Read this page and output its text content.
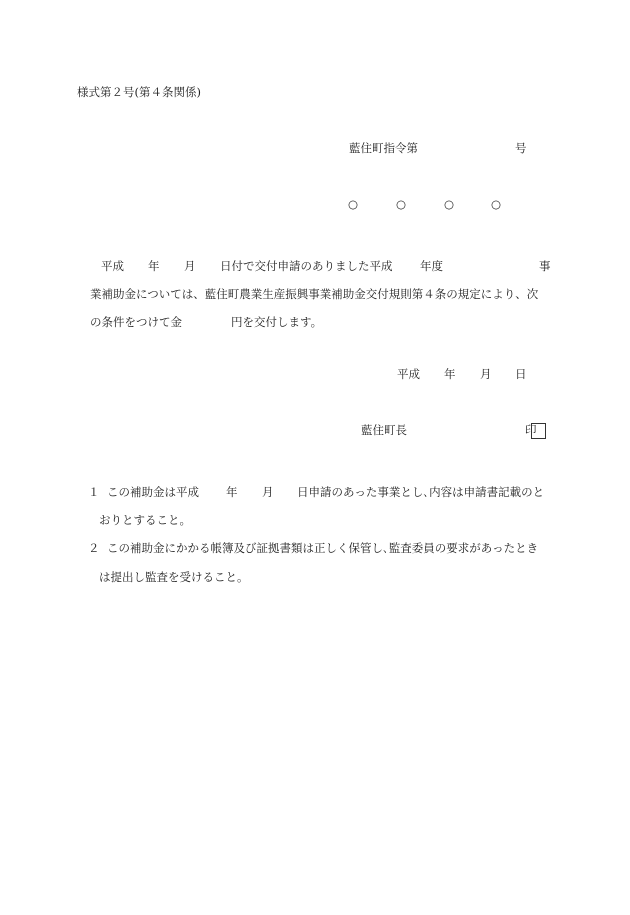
様式第２号(第４条関係)
藍住町指令第	号
○	○	○	○
平成 年 月 日付で交付申請のありました平成 年度	事
業補助金については、藍住町農業生産振興事業補助金交付規則第４条の規定により、次
の条件をつけて金	円を交付します。
平成 年 月 日
藍住町長	印
１ この補助金は平成 年 月 日申請のあった事業とし､内容は申請書記載のと
おりとすること。
２ この補助金にかかる帳簿及び証拠書類は正しく保管し､監査委員の要求があったとき
は提出し監査を受けること。
